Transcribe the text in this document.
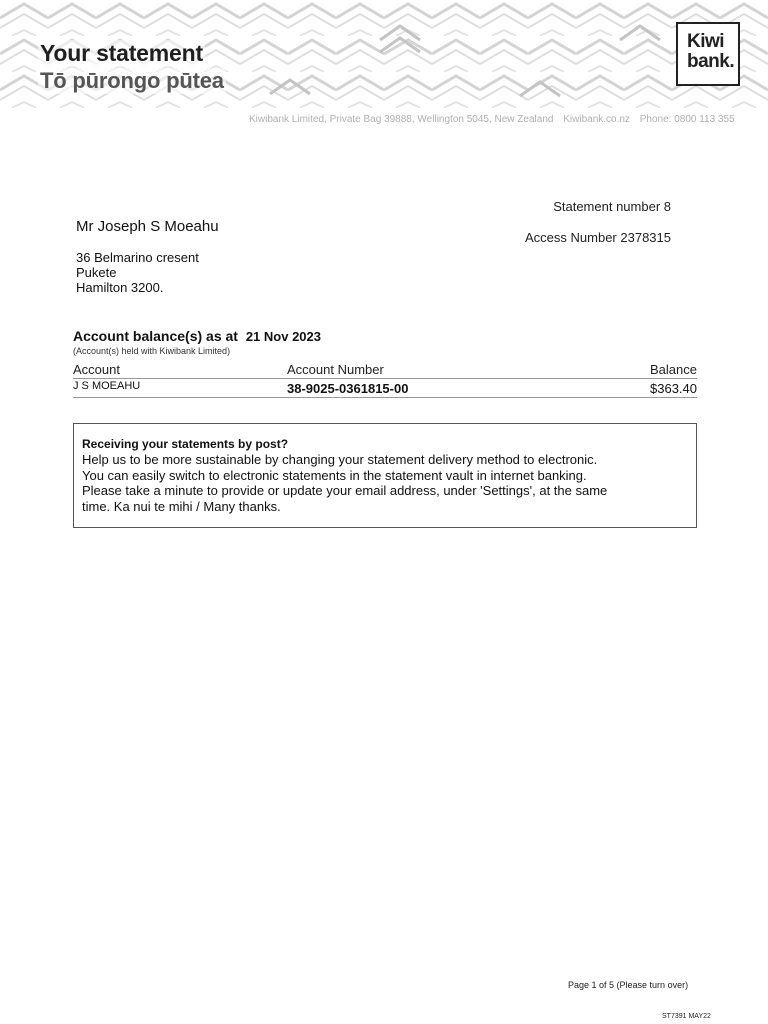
Your statement
Tō pūrongo pūtea
Kiwi
bank.
Kiwibank Limited, Private Bag 39888, Wellington 5045, New Zealand Kiwibank.co.nz Phone: 0800 113 355
Statement number 8
Access Number 2378315
Mr Joseph S Moeahu
36 Belmarino cresent
Pukete
Hamilton 3200.
Account balance(s) as at 21 Nov 2023
(Account(s) held with Kiwibank Limited)
Account	Account Number	Balance
J S MOEAHU	38-9025-0361815-00	$363.40
Receiving your statements by post?
Help us to be more sustainable by changing your statement delivery method to electronic.
You can easily switch to electronic statements in the statement vault in internet banking.
Please take a minute to provide or update your email address, under 'Settings', at the same
time. Ka nui te mihi / Many thanks.
Page 1 of 5 (Please turn over)
ST7391 MAY22
